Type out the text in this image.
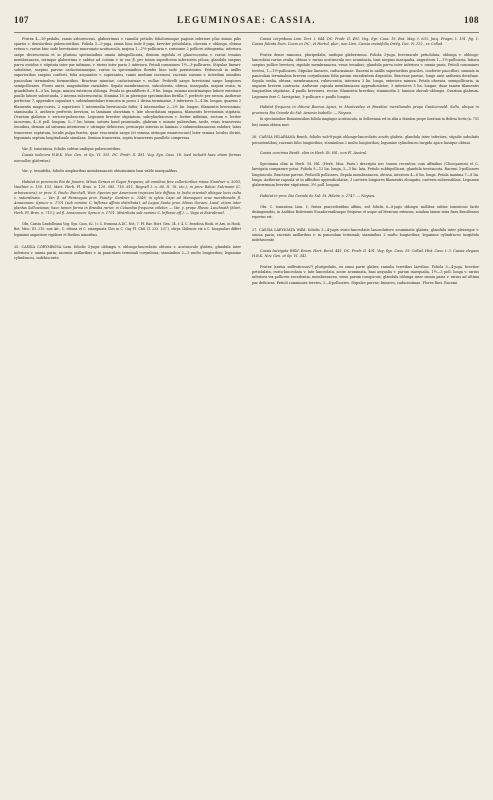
107	LEGUMINOSAE: CASSIA.	108

Frutex 4—10-pedalis, ramis arborescens, glaberrimus v. ramulis petiolis foliolorumque paginis inferiore plus minus pilis sparsis v. densioribus pubescentibus. Foliola 3—5-juga, ramis hinc inde 6-juga, breviter petiolulata, obovata v. oblonga, obtusa retusa v. rarius hinc inde breviusime mucronato-acutiuscula, majora 1—1½-pollicaria v. rarissime 2 pollices attingentia, inferiora saepe decrescentia et in plurimo speciminibus omnia infrapollicaria, demum rigidula et glaucescentia v. rarius tenuius membranacea, utrinque glaberrima v. subtus ad costam v. in var. β. per totam superficiem inferiorem pilosa; glandula saepius parva ovoidea v. stipitata inter par infimum, v. rarius inter paria 2 inferiora. Petioli communes 1½—3-pollicares. Stipulae lineari-subulatae, saepius parvae caducissimaeque, rarius in speciminibus floridis hinc inde persistentes. Pedunculi in axillis superioribus saepius conferti, folia aequantes v. superantes, ramis medium racemosi, racemis sursum v. interdum omnibus paniculam terminalem formantibus. Bracteae minutae, caducissimae v. nullae. Pedicelli saepe brevissimi saepe longiores semipollicares. Flores aurei, magnitudine variabiles. Sepala membranacea, subcolorata, obtusa, inaequalia, majora ovata, in grandifloris 4—5 lin. longa, minora exteriora oblonga. Petala in grandifloris 8—9 lin. longa, summo neutrinaeque latiore exteriore paullo latiore subrotunda, 2 interna subcrescentia. Stamina 10, in plerisque speciminibus fertilia 7, perfecte per arcum. Antherae perfectae 7, appendice capsulari v. subindumidulari truncata in poros 2 divisa terminatae, 3 inferiores 3—4 lin. longae, quarum 2 filamentis magis-curvis, 2 superiores 1 intermedia breviusculo fultis; 4 intermediae 2—2½ lin. longae, filamentis brevissimis; staminodia 3, antheris perfectis breviora, in laminam obovatam v. late obcordatam expansa, filamentis brevissimis stipitata. Ovarium glabrum v. sericeo-pubescens. Legumen breviter stipitatum, subcylindraceum v. leviter inflatum, rectum v. leviter incurvum, 4—6 poll. longum, 5—7 lin. latum, suturis haud prominulis, glabrum v. minute puberulum, tarde, venis transversis tenuibus, demum ad suturam interiorem v. utrinque dehiscens, pericarpio interius in laminas 2 submembranaceas subduri; latus transverse septatum, loculis pulpa farctis, quae evacuentis saepe (et semina utrinque emarcescunt) later semina loculos divisit, leguminis septum longitudinale simulans. Semina transversa, septis transversis parallele compressa.

Var. β. tomentosa, foliolis subtus undique pubescentibus.

Cassia indecora H.B.K. Nov. Gen. et Sp. VI. 355. DC. Prodr. II. 491. Vog. Syn. Cass. 18. (sed includit haec etiam formas nonnullas glabratas).

Var. γ. tenuifolia, foliolis amplioribus membranaceis obtusissimis basi valde inaequalibus.

Habitat in provinciis Rio de Janeiro, Minas Geraes et Goyaz frequens; ab omnibus fere collectoribus missa (Gardner n. 5093, Vauthier n. 150. 151, Mart. Herb. Fl. Bras. n. 129. 585. 718. 811, Regnell I. n. 68, II. 76. etc.); in prov. Bahia: Salzmann (C. arborescens); in prov. S. Paulo: Burchell, Weir. Species per Americam tropicam late diffusa, in India orientali altisque locis culta v. naturalisata. — Var. β. ad Paranagua prov. Piauhy: Gardner n. 2549; in sylvis Capo ad Manaqueri orae meridionalis fl. Amazonum: Spruce n. 1701 (sub nomine C. biflorae affinis distributa); ad Lagoa Santa prov. Minas Geraes: Lund; etiam inter plantas Sellowianas; haec tamen forma in Brasilia rarior, in Columbia frequens videtur. — Var. γ. prope Ilheos: Luschnath (Mart. Herb. Fl. Bras. n. 715.); ad fl. Amazonum: Spruce n. 1701. (distributa sub nomine C. biflorae aff.). — Vaga et Extrabrasil.

Obs. Cassia Candolleana Vog. Syn. Cass. 62. (= C. frumosa A.DC. Not. 7. Pl. Rar. Hort. Gen. 34. t. 4, C. frondosa Hook. et Arn. in Hook. Bot. Misc. III. 210. non Ait., C. obtusa et C. emarginata Clos in C. Gay Fl. Chil. II. 233. 237.), stirps Chilensis vix a C. bicapsulari differt legumine angustiore rigidiore et floribus minoribus.

25. CASSIA CORYMBOSA Lam. foliolis 3-jugis oblongis v. oblongo-lanceolatis obtusis v. acutiuscule glabris, glandula inter inferiora v. omnia paria; racemis axillaribus v. in paniculam terminali corymbosa; staminibus 2—3 multo longioribus; legumine cylindraceo, indehiscente.

Cassia corymbosa Lam. Dict. I. 644. DC. Prodr. II. 491. Vog. Syn. Cass. 19. Bot. Mag. t. 633. Jacq. Fragm. t. 101. fig. 1. Cassia falcata Dum. Cours ex DC., et Hortul. plur., non Linn. Cassia crassifolia Ortég. Dec. N. 122., ex Collad.

Frutex dense ramosus, pluripedalis, undique glaberrimus. Foliola 3-juga, breviuscule petiolulata, oblonga v. oblongo-lanceolata rarius ovalia, obtusa v. rarius acutiuscula nec acuminata, basi saepius inaequalia, angustiora 1—1½-pollicaria, latiora saepius pollice breviora, rigidule membranacea, venis tenuibus; glandula parva inter inferiora v. omnia paria. Petioli communes teretes, 1—1½-pollicares. Stipulae lineares, caducissimae. Racemi in axillis superioribus graciles, confertiv pauciflori, summis in paniculam terminalem brevem corymbosam folia parum excedentem dispositis. Bracteae parvae, longe ante anthesin deciduae. Sepala ovalia, obtusa, membranacea, rubescentia, interiora 3 lin. longa, exteriora minora. Petala obovata, semipollicaria, in unguem brevem contracta. Antherae capsula membranacea appendiculatae, 3 inferiores 3 lin. longae, duae tamen filamentis longioribus stipitatae, 4 paullo breviores, rectae, filamentis brevibus; staminodia 3, laminis obovali-oblongis. Ovarium glabrum. Legumen fere C. laevigatae, 3-pollicare v. paullo longius.

Habitat frequens in ditione Buenos Ayres, in Montevideo et Brasiliae meridionalis prope Guidoenvald: Sello, ubique in provincia Rio Grande do Sul: Arsenio Isabelle. — Neysea.

In speciminibus Bonariensibus foliola magisque acutiuscula, in Sellowiana vel in aliis a Mandon prope Soratam in Bolivia lectis (n. 751 bis) omnia obtusa sunt.

26. CASSIA HILARIANA Benth. foliolis sub-8-jugis oblongo-lanceolatis acutis glabris, glandula inter inferiora, stipulis subulatis persistentibus; racemis folio longioribus; staminibus 2 multo longioribus; legumine cylindraceo turgido apice basique obtuso.

Cassia concinna Benth. olim in Herb. St. Hil., non Fl. Austral.

Specimina olim in Herb. St. Hil. (Herb. Mus. Paris.) descripta nec tamen recentius cum affinibus (Chicoparioni et C. laevigata comparare potui. Foliola 9—12 lin. longa, 2—3 lin. lata, Petiolo subbipollicari, glandula teretiacuta. Racemi 3-pollicares longiusculo. Bracteae parvae. Pedicelli pollicares. Sepala membranacea, obtusa, interiora 4—6 lin. longa. Petala maxima 7—8 lin. longa. Antherae capsula ut in affinibus appendiculatae, 3 caeteris longiores filamentis elongatis, caeteris subsessilibus. Legumen glaberrimum breviter stipitatum, 3½ poll. longum.

Habitat in prov. Rio Grande do Sul: St. Hilaire n. 2747. — Neysea.

Obs. C. tomentosa Linn. f., frutex praecedentibus affinis, sed foliolis 6—8-jugis oblongis mollibus subtus tomentosis facile distinguendus, in Andibus Boliviensis Ecuadorensibusque frequens et usque ad Mexicum extensus, nondum tamen intra fines Brasilienses repertus est.

27. CASSIA LAEVIGATA Willd. foliolis 3—4-jugis ovato-lanceolatis lanceolatisve acuminatis glabris, glandula inter plerasque v. omnia paria; racemis axillaribus v. in paniculam terminali; staminibus 2 multo longioribus; legumine cylindraceo turgidulo indehiscente.

Cassia laevigata Willd. Enum. Hort. Berol. 441. DC. Prodr. II. 491. Vog. Syn. Cass. 19. Collad. Hist. Cass. t. 5. Cassia elegans H.B.K. Nov. Gen. et Sp. VI. 342.

Frutex (rarius suffruticosus?) pluripedalis, ex omni parte glaber, ramulis teretibus laevibus. Foliola 3—4-juga, breviter petiolulata, ovato-lanceolata v. late lanceolata, acute acuminata, basi aequalia v. parum inaequalia, 1½—3 poll. longa v. rarius inferiora vix pollicem excedentia, membranacea, venis parum conspicuis; glandula oblonga inter omnia paria v. rarius ad ultima par deficiens. Petioli communes teretes, 2—4-pollicares. Stipulae parvae, lineares, caducissimae. Flores flavi. Racemi
